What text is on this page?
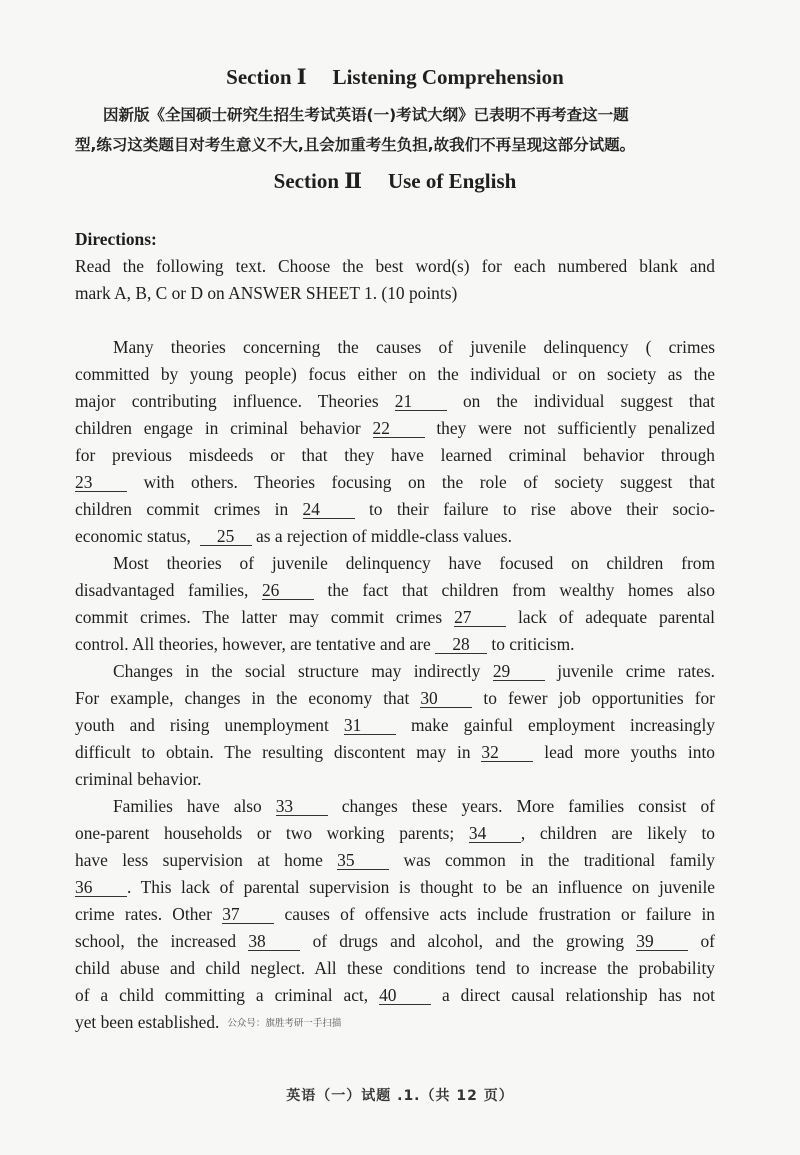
Section Ⅰ Listening Comprehension
因新版《全国硕士研究生招生考试英语(一)考试大纲》已表明不再考查这一题
型,练习这类题目对考生意义不大,且会加重考生负担,故我们不再呈现这部分试题。
Section Ⅱ Use of English
Directions:
Read the following text. Choose the best word(s) for each numbered blank and
mark A, B, C or D on ANSWER SHEET 1. (10 points)
Many theories concerning the causes of juvenile delinquency ( crimes
committed by young people) focus either on the individual or on society as the
major contributing influence. Theories 21	on the individual suggest that
children engage in criminal behavior 22	they were not sufficiently penalized
for previous misdeeds or that they have learned criminal behavior through
23	with others. Theories focusing on the role of society suggest that
children commit crimes in 24	to their failure to rise above their socio-
economic status, 25 as a rejection of middle-class values.
Most theories of juvenile delinquency have focused on children from
disadvantaged families, 26	the fact that children from wealthy homes also
commit crimes. The latter may commit crimes 27	lack of adequate parental
control. All theories, however, are tentative and are 28 to criticism.
Changes in the social structure may indirectly 29	juvenile crime rates.
For example, changes in the economy that 30	to fewer job opportunities for
youth and rising unemployment 31	make gainful employment increasingly
difficult to obtain. The resulting discontent may in 32	lead more youths into
criminal behavior.
Families have also 33	changes these years. More families consist of
one-parent households or two working parents; 34 , children are likely to
have less supervision at home 35	was common in the traditional family
36 . This lack of parental supervision is thought to be an influence on juvenile
crime rates. Other 37	causes of offensive acts include frustration or failure in
school, the increased 38	of drugs and alcohol, and the growing 39	of
child abuse and child neglect. All these conditions tend to increase the probability
of a child committing a criminal act, 40	a direct causal relationship has not
yet been established. 公众号：旗胜考研一手扫描
英语（一）试题 .1.（共 12 页）
